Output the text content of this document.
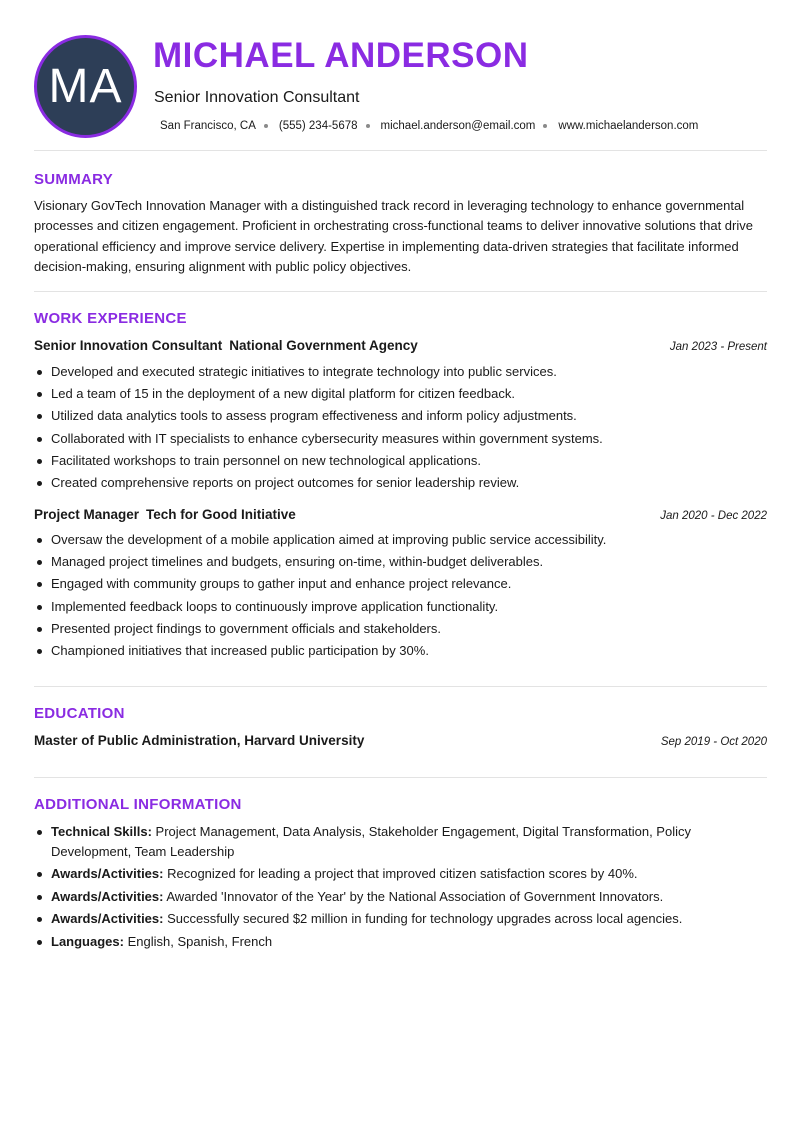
MA
MICHAEL ANDERSON
Senior Innovation Consultant
San Francisco, CA (555) 234-5678 michael.anderson@email.com www.michaelanderson.com
SUMMARY
Visionary GovTech Innovation Manager with a distinguished track record in leveraging technology to enhance governmental processes and citizen engagement. Proficient in orchestrating cross-functional teams to deliver innovative solutions that drive operational efficiency and improve service delivery. Expertise in implementing data-driven strategies that facilitate informed decision-making, ensuring alignment with public policy objectives.
WORK EXPERIENCE
Senior Innovation Consultant National Government Agency	Jan 2023 - Present
Developed and executed strategic initiatives to integrate technology into public services.
Led a team of 15 in the deployment of a new digital platform for citizen feedback.
Utilized data analytics tools to assess program effectiveness and inform policy adjustments.
Collaborated with IT specialists to enhance cybersecurity measures within government systems.
Facilitated workshops to train personnel on new technological applications.
Created comprehensive reports on project outcomes for senior leadership review.
Project Manager Tech for Good Initiative	Jan 2020 - Dec 2022
Oversaw the development of a mobile application aimed at improving public service accessibility.
Managed project timelines and budgets, ensuring on-time, within-budget deliverables.
Engaged with community groups to gather input and enhance project relevance.
Implemented feedback loops to continuously improve application functionality.
Presented project findings to government officials and stakeholders.
Championed initiatives that increased public participation by 30%.
EDUCATION
Master of Public Administration, Harvard University	Sep 2019 - Oct 2020
ADDITIONAL INFORMATION
Technical Skills: Project Management, Data Analysis, Stakeholder Engagement, Digital Transformation, Policy Development, Team Leadership
Awards/Activities: Recognized for leading a project that improved citizen satisfaction scores by 40%.
Awards/Activities: Awarded 'Innovator of the Year' by the National Association of Government Innovators.
Awards/Activities: Successfully secured $2 million in funding for technology upgrades across local agencies.
Languages: English, Spanish, French
